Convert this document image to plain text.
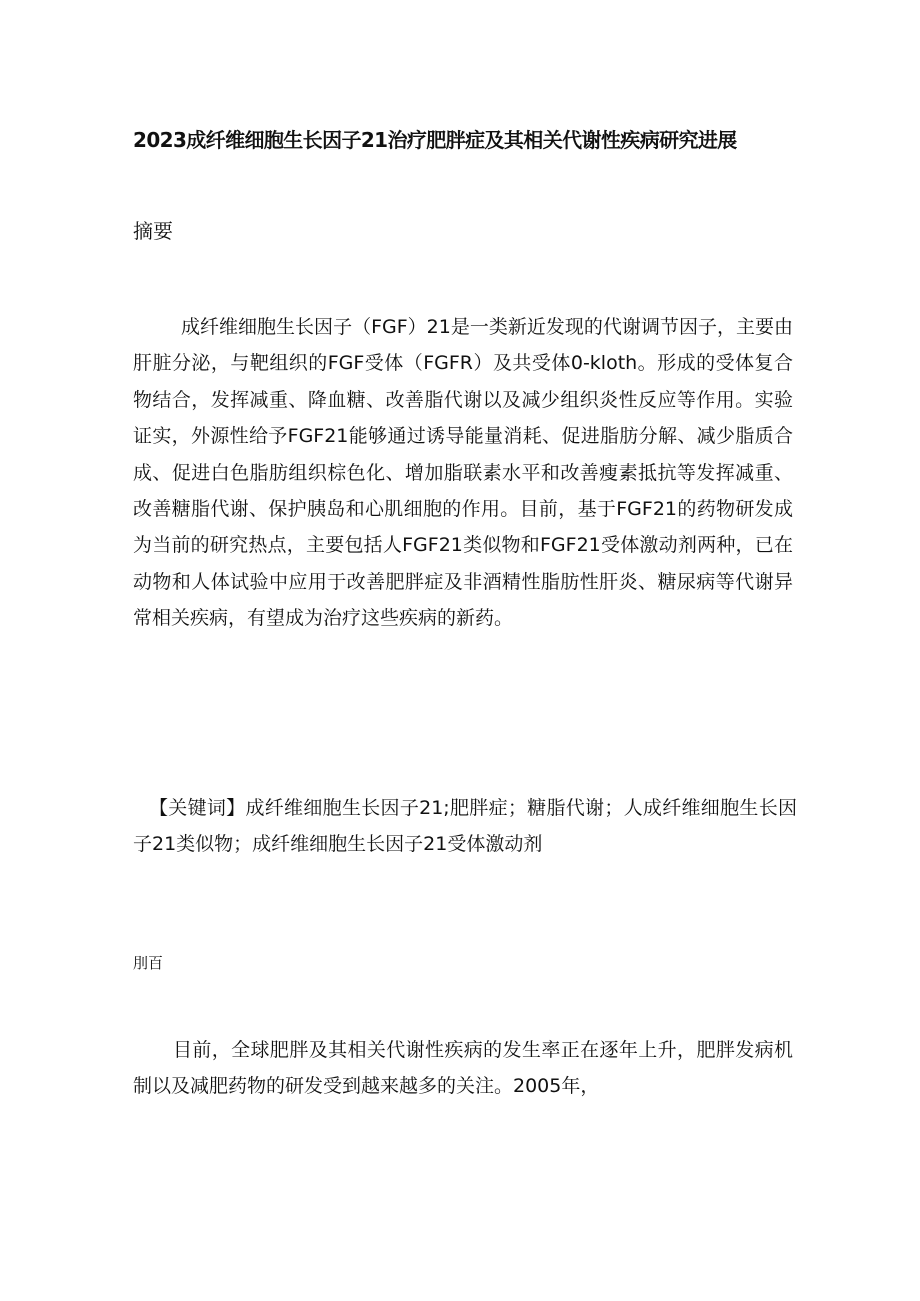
2023成纤维细胞生长因子21治疗肥胖症及其相关代谢性疾病研究进展
摘要

成纤维细胞生长因子（FGF）21是一类新近发现的代谢调节因子，主要由肝脏分泌，与靶组织的FGF受体（FGFR）及共受体0-kloth。形成的受体复合物结合，发挥减重、降血糖、改善脂代谢以及减少组织炎性反应等作用。实验证实，外源性给予FGF21能够通过诱导能量消耗、促进脂肪分解、减少脂质合成、促进白色脂肪组织棕色化、增加脂联素水平和改善瘦素抵抗等发挥减重、改善糖脂代谢、保护胰岛和心肌细胞的作用。目前，基于FGF21的药物研发成为当前的研究热点，主要包括人FGF21类似物和FGF21受体激动剂两种，已在动物和人体试验中应用于改善肥胖症及非酒精性脂肪性肝炎、糖尿病等代谢异常相关疾病，有望成为治疗这些疾病的新药。

【关键词】成纤维细胞生长因子21;肥胖症；糖脂代谢；人成纤维细胞生长因子21类似物；成纤维细胞生长因子21受体激动剂

刖百

目前，全球肥胖及其相关代谢性疾病的发生率正在逐年上升，肥胖发病机制以及减肥药物的研发受到越来越多的关注。2005年，
